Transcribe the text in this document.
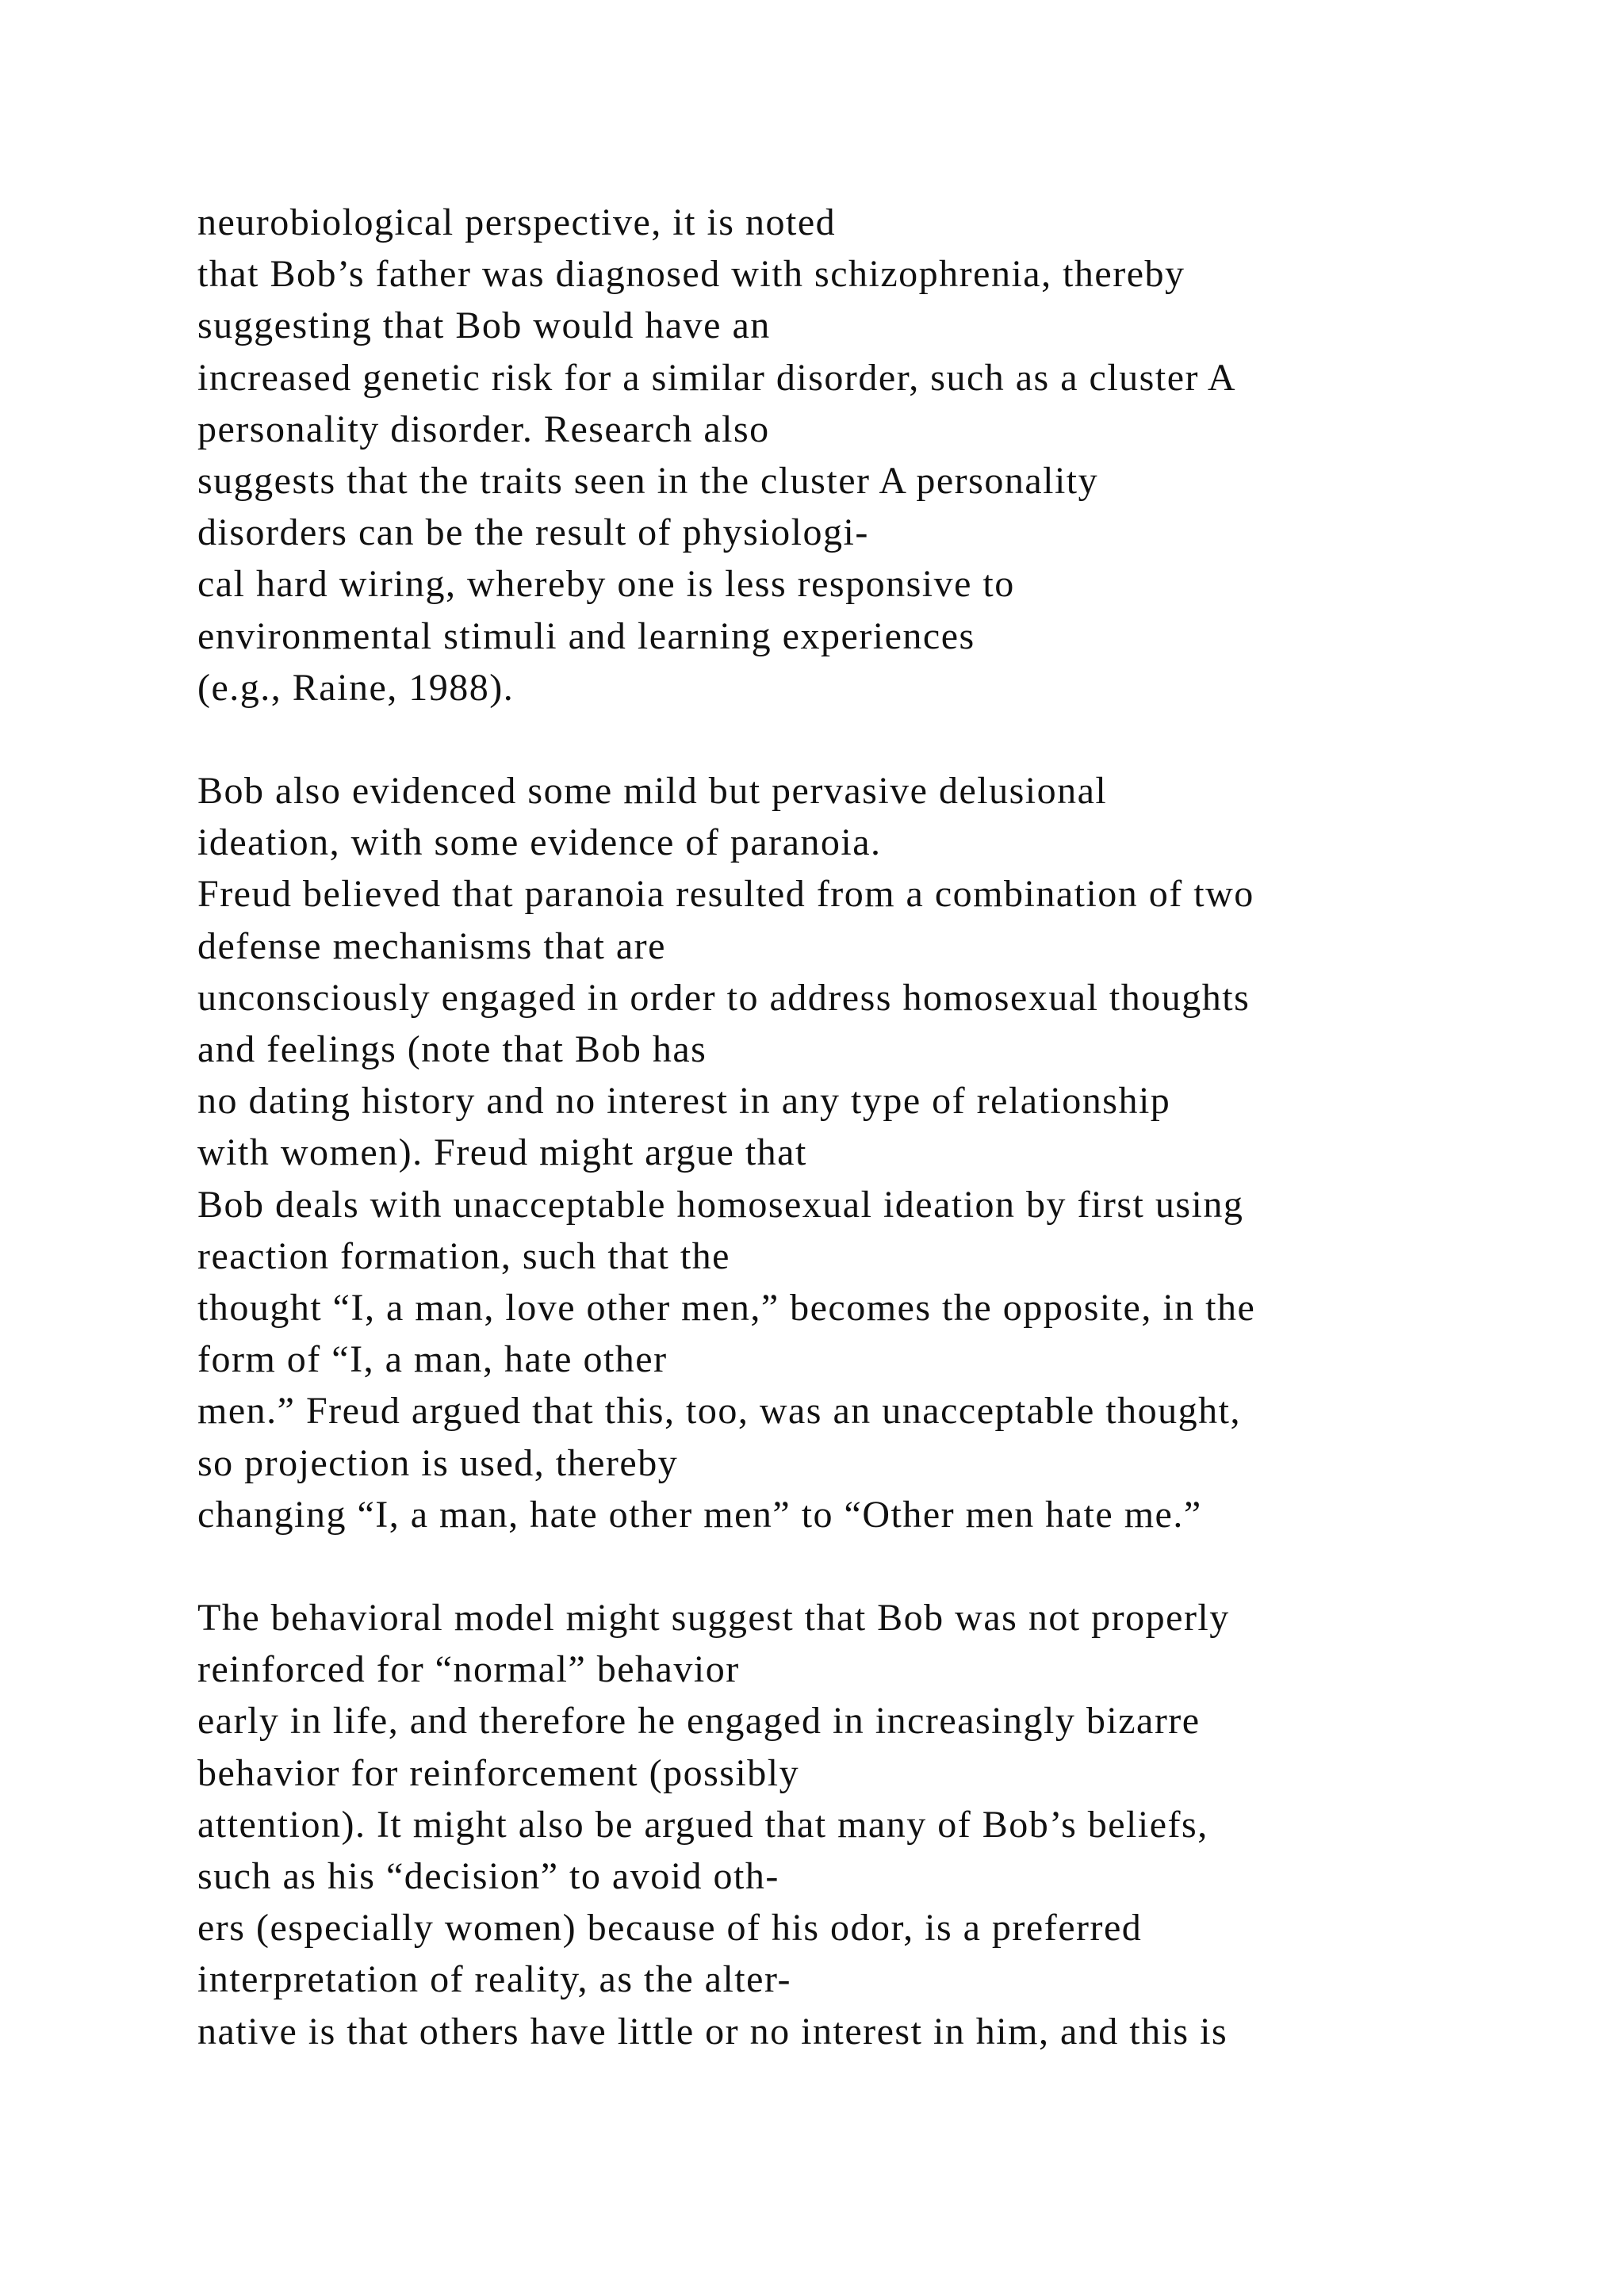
neurobiological perspective, it is noted
that Bob’s father was diagnosed with schizophrenia, thereby
suggesting that Bob would have an
increased genetic risk for a similar disorder, such as a cluster A
personality disorder. Research also
suggests that the traits seen in the cluster A personality
disorders can be the result of physiologi-
cal hard wiring, whereby one is less responsive to
environmental stimuli and learning experiences
(e.g., Raine, 1988).
Bob also evidenced some mild but pervasive delusional
ideation, with some evidence of paranoia.
Freud believed that paranoia resulted from a combination of two
defense mechanisms that are
unconsciously engaged in order to address homosexual thoughts
and feelings (note that Bob has
no dating history and no interest in any type of relationship
with women). Freud might argue that
Bob deals with unacceptable homosexual ideation by first using
reaction formation, such that the
thought “I, a man, love other men,” becomes the opposite, in the
form of “I, a man, hate other
men.” Freud argued that this, too, was an unacceptable thought,
so projection is used, thereby
changing “I, a man, hate other men” to “Other men hate me.”
The behavioral model might suggest that Bob was not properly
reinforced for “normal” behavior
early in life, and therefore he engaged in increasingly bizarre
behavior for reinforcement (possibly
attention). It might also be argued that many of Bob’s beliefs,
such as his “decision” to avoid oth-
ers (especially women) because of his odor, is a preferred
interpretation of reality, as the alter-
native is that others have little or no interest in him, and this is
